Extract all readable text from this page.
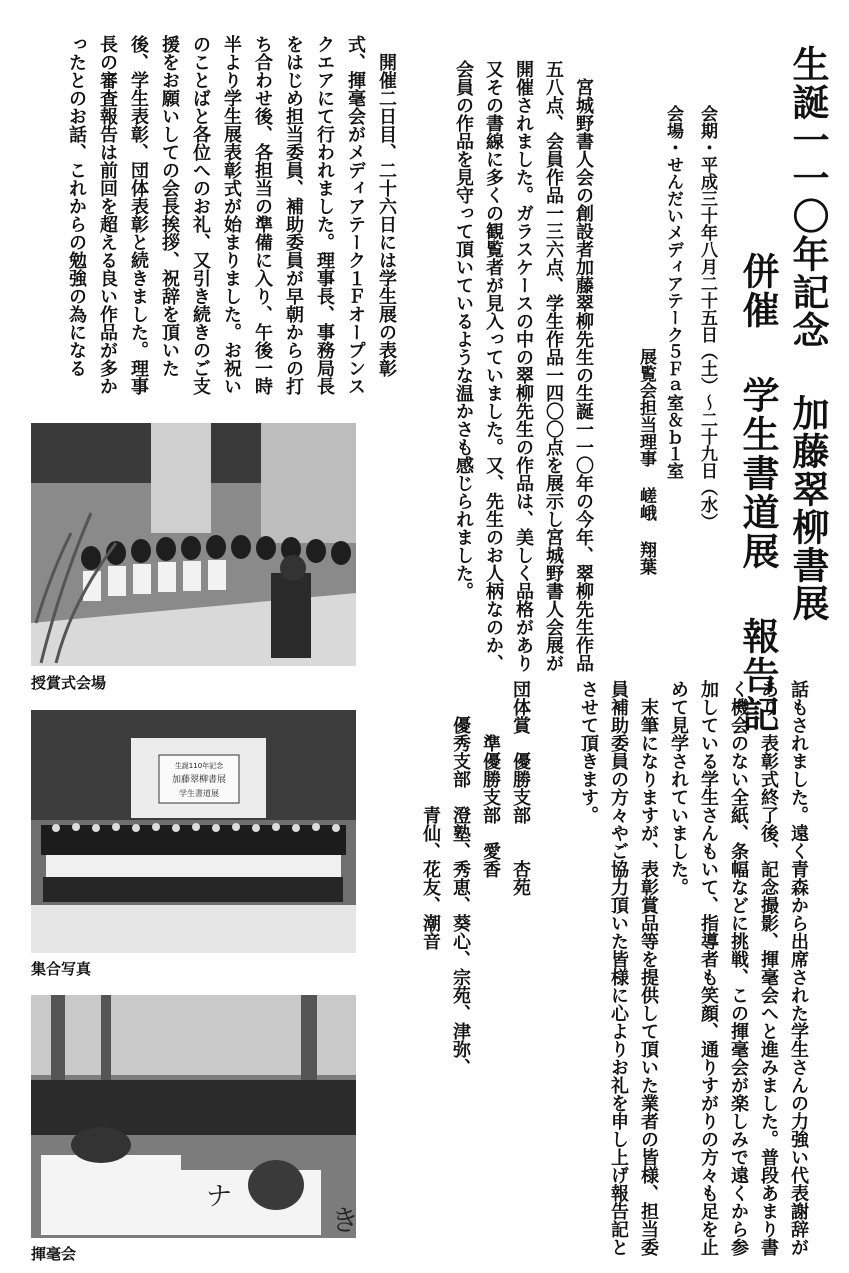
生誕一一〇年記念 加藤翠柳書展
併催 学生書道展 報告記
会期・平成三十年八月二十五日（土）〜二十九日（水）
会場・せんだいメディアテーク５Ｆａ室＆ｂ１室
展覧会担当理事 嵯峨 翔葉
　宮城野書人会の創設者加藤翠柳先生の生誕一一〇年の今年、翠柳先生作品五八点、会員作品一三六点、学生作品一四〇〇点を展示し宮城野書人会展が開催されました。ガラスケースの中の翠柳先生の作品は、美しく品格があり又その書線に多くの観覧者が見入っていました。又、先生のお人柄なのか、会員の作品を見守って頂いているような温かさも感じられました。
　開催二日目、二十六日には学生展の表彰式、揮毫会がメディアテーク１Ｆオープンスクエアにて行われました。理事長、事務局長をはじめ担当委員、補助委員が早朝からの打ち合わせ後、各担当の準備に入り、午後一時半より学生展表彰式が始まりました。お祝いのことばと各位へのお礼、又引き続きのご支援をお願いしての会長挨拶、祝辞を頂いた後、学生表彰、団体表彰と続きました。理事長の審査報告は前回を超える良い作品が多かったとのお話、これからの勉強の為になる
話もされました。遠く青森から出席された学生さんの力強い代表謝辞があり、表彰式終了後、記念撮影、揮毫会へと進みました。普段あまり書く機会のない全紙、条幅などに挑戦、この揮毫会が楽しみで遠くから参加している学生さんもいて、指導者も笑顔、通りすがりの方々も足を止めて見学されていました。
　末筆になりますが、表彰賞品等を提供して頂いた業者の皆様、担当委員補助委員の方々やご協力頂いた皆様に心よりお礼を申し上げ報告記とさせて頂きます。
団体賞　優勝支部　　杏苑
　　　準優勝支部　愛香
　　優秀支部　澄塾、秀恵、葵心、宗苑、津弥、
　　　　　　　青仙、花友、潮音
授賞式会場
生誕110年記念
加藤翠柳書展
学生書道展
集合写真
ナ
き
揮毫会
